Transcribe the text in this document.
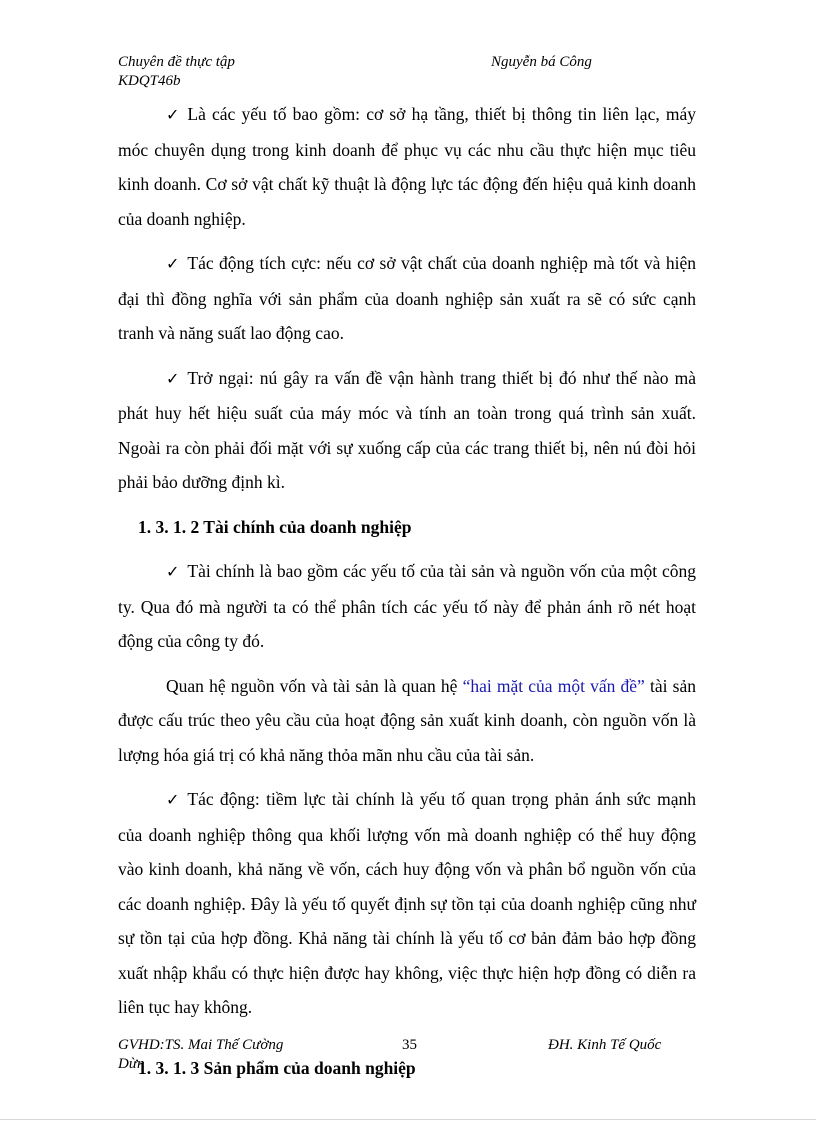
Chuyên đề thực tập
KDQT46b
Nguyễn bá Công

✓ Là các yếu tố bao gồm: cơ sở hạ tầng, thiết bị thông tin liên lạc, máy móc chuyên dụng trong kinh doanh để phục vụ các nhu cầu thực hiện mục tiêu kinh doanh. Cơ sở vật chất kỹ thuật là động lực tác động đến hiệu quả kinh doanh của doanh nghiệp.

✓ Tác động tích cực: nếu cơ sở vật chất của doanh nghiệp mà tốt và hiện đại thì đồng nghĩa với sản phẩm của doanh nghiệp sản xuất ra sẽ có sức cạnh tranh và năng suất lao động cao.

✓ Trở ngại: nú gây ra vấn đề vận hành trang thiết bị đó như thế nào mà phát huy hết hiệu suất của máy móc và tính an toàn trong quá trình sản xuất. Ngoài ra còn phải đối mặt với sự xuống cấp của các trang thiết bị, nên nú đòi hỏi phải bảo dưỡng định kì.

1. 3. 1. 2 Tài chính của doanh nghiệp

✓ Tài chính là bao gồm các yếu tố của tài sản và nguồn vốn của một công ty. Qua đó mà người ta có thể phân tích các yếu tố này để phản ánh rõ nét hoạt động của công ty đó.

Quan hệ nguồn vốn và tài sản là quan hệ “hai mặt của một vấn đề” tài sản được cấu trúc theo yêu cầu của hoạt động sản xuất kinh doanh, còn nguồn vốn là lượng hóa giá trị có khả năng thỏa mãn nhu cầu của tài sản.

✓ Tác động: tiềm lực tài chính là yếu tố quan trọng phản ánh sức mạnh của doanh nghiệp thông qua khối lượng vốn mà doanh nghiệp có thể huy động vào kinh doanh, khả năng về vốn, cách huy động vốn và phân bổ nguồn vốn của các doanh nghiệp. Đây là yếu tố quyết định sự tồn tại của doanh nghiệp cũng như sự tồn tại của hợp đồng. Khả năng tài chính là yếu tố cơ bản đảm bảo hợp đồng xuất nhập khẩu có thực hiện được hay không, việc thực hiện hợp đồng có diễn ra liên tục hay không.

1. 3. 1. 3 Sản phẩm của doanh nghiệp

GVHD:TS. Mai Thế Cường
Dừn
35	ĐH. Kinh Tế Quốc
